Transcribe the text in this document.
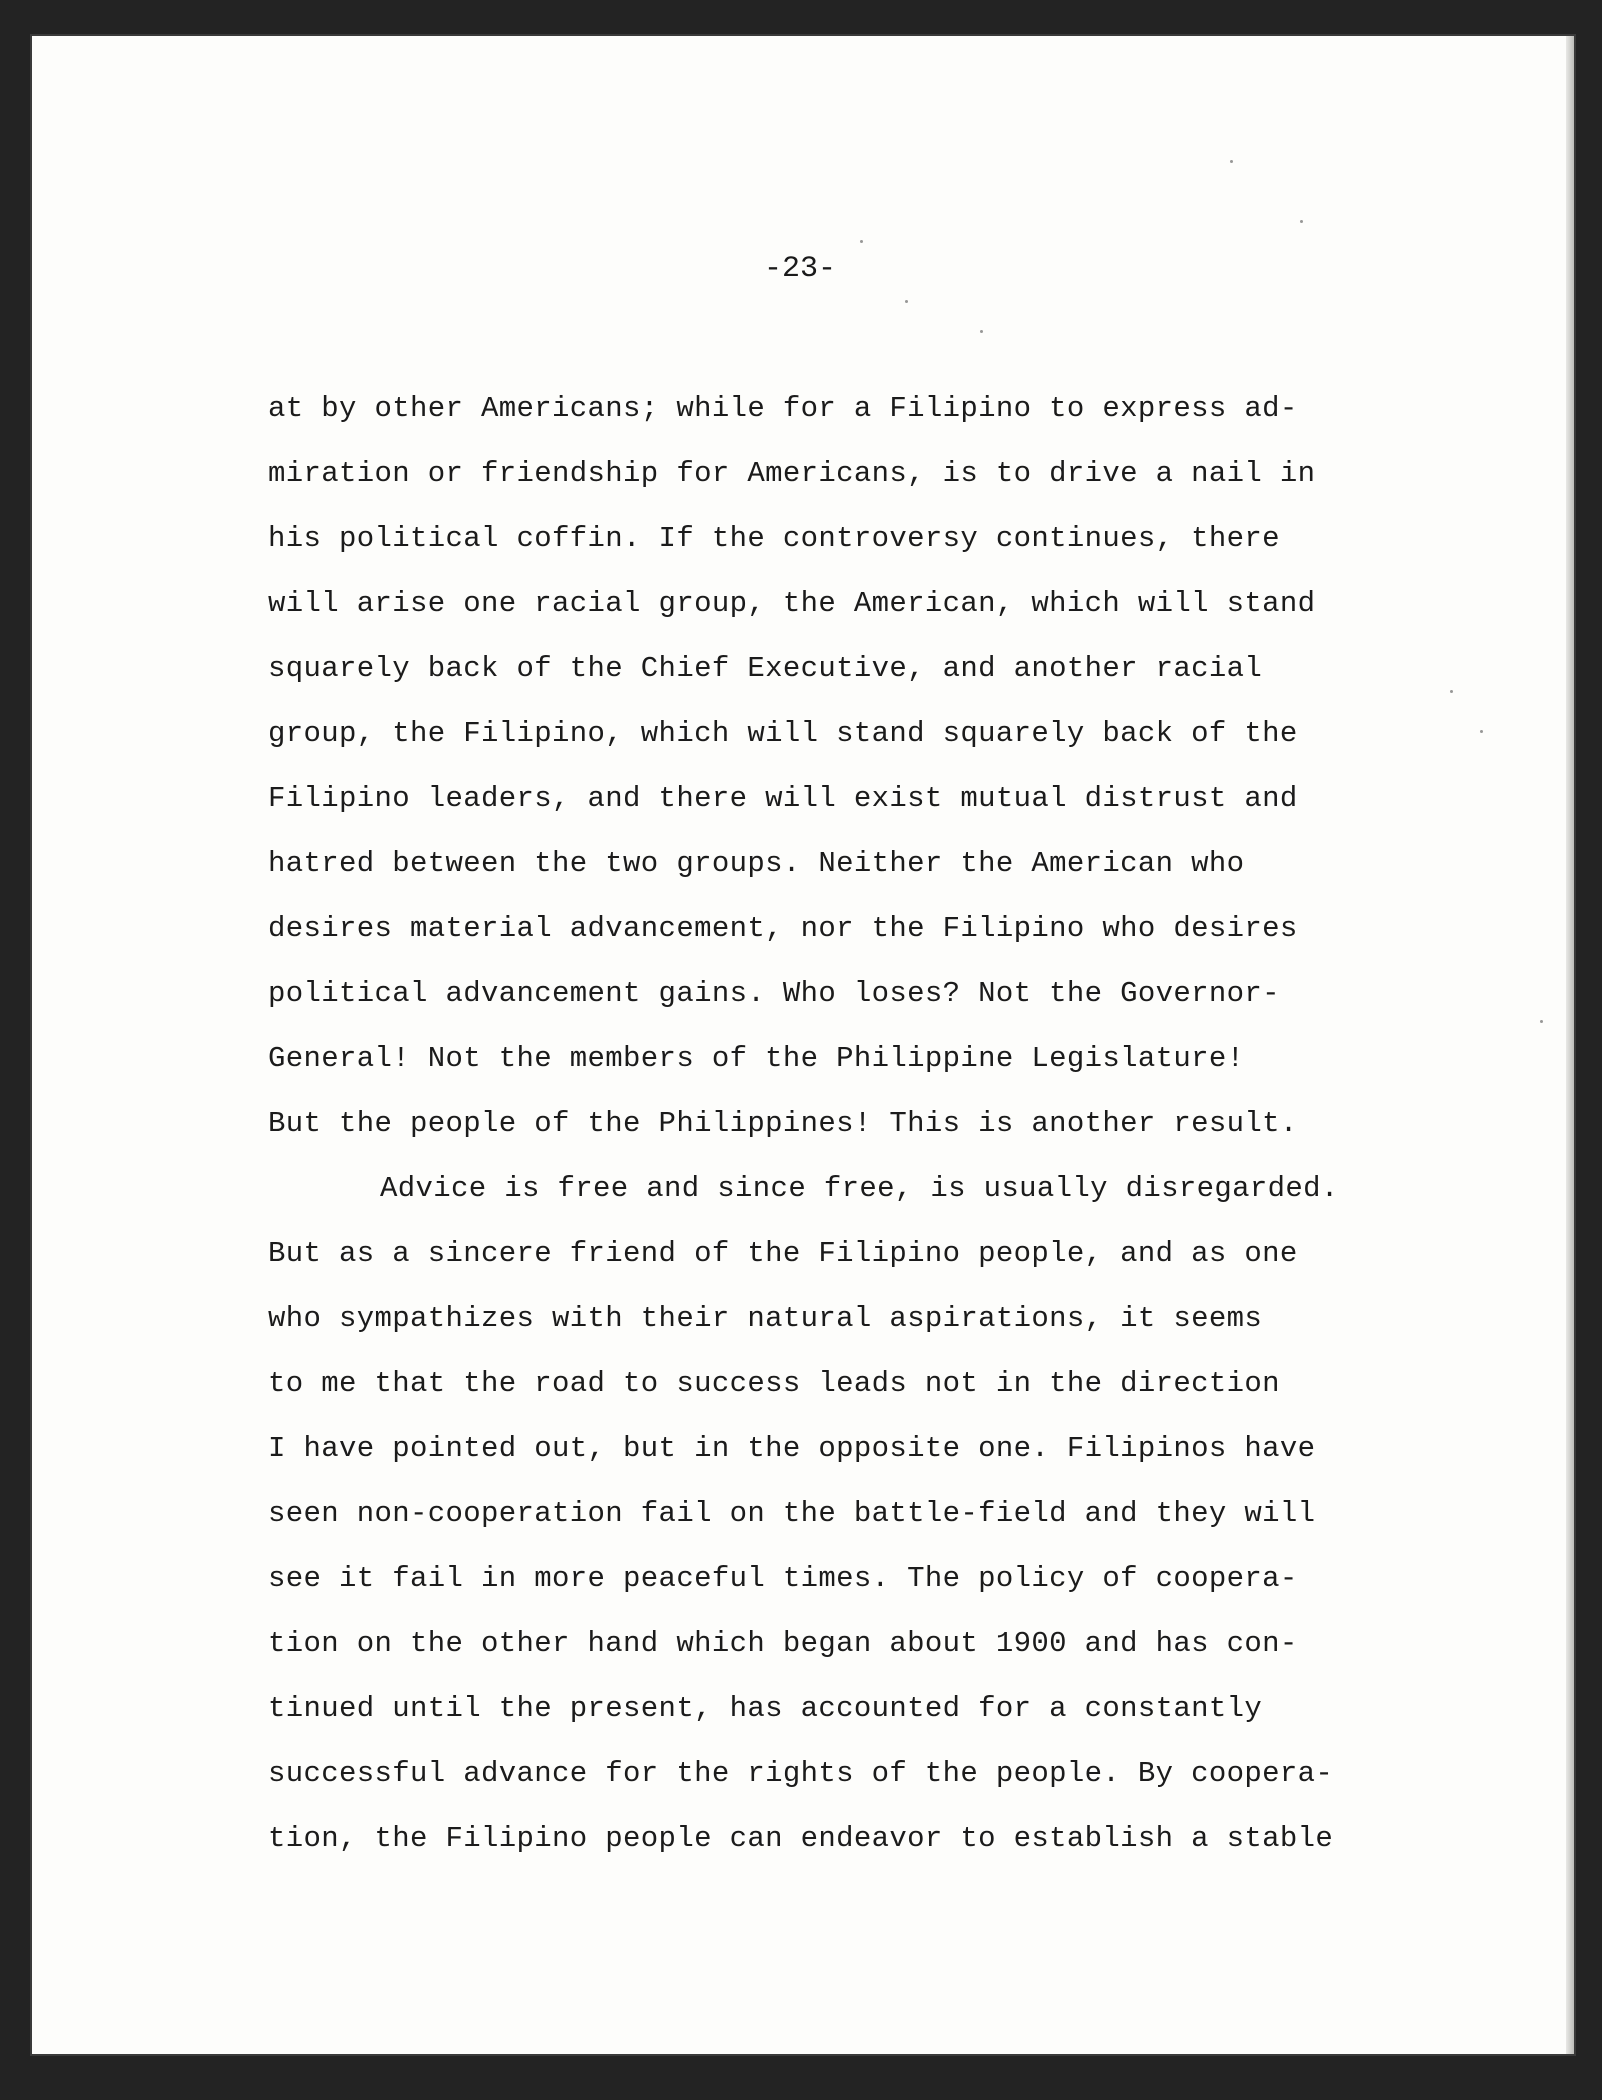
-23-
at by other Americans; while for a Filipino to express ad-
miration or friendship for Americans, is to drive a nail in
his political coffin. If the controversy continues, there
will arise one racial group, the American, which will stand
squarely back of the Chief Executive, and another racial
group, the Filipino, which will stand squarely back of the
Filipino leaders, and there will exist mutual distrust and
hatred between the two groups. Neither the American who
desires material advancement, nor the Filipino who desires
political advancement gains. Who loses? Not the Governor-
General! Not the members of the Philippine Legislature!
But the people of the Philippines! This is another result.
Advice is free and since free, is usually disregarded.
But as a sincere friend of the Filipino people, and as one
who sympathizes with their natural aspirations, it seems
to me that the road to success leads not in the direction
I have pointed out, but in the opposite one. Filipinos have
seen non-cooperation fail on the battle-field and they will
see it fail in more peaceful times. The policy of coopera-
tion on the other hand which began about 1900 and has con-
tinued until the present, has accounted for a constantly
successful advance for the rights of the people. By coopera-
tion, the Filipino people can endeavor to establish a stable
